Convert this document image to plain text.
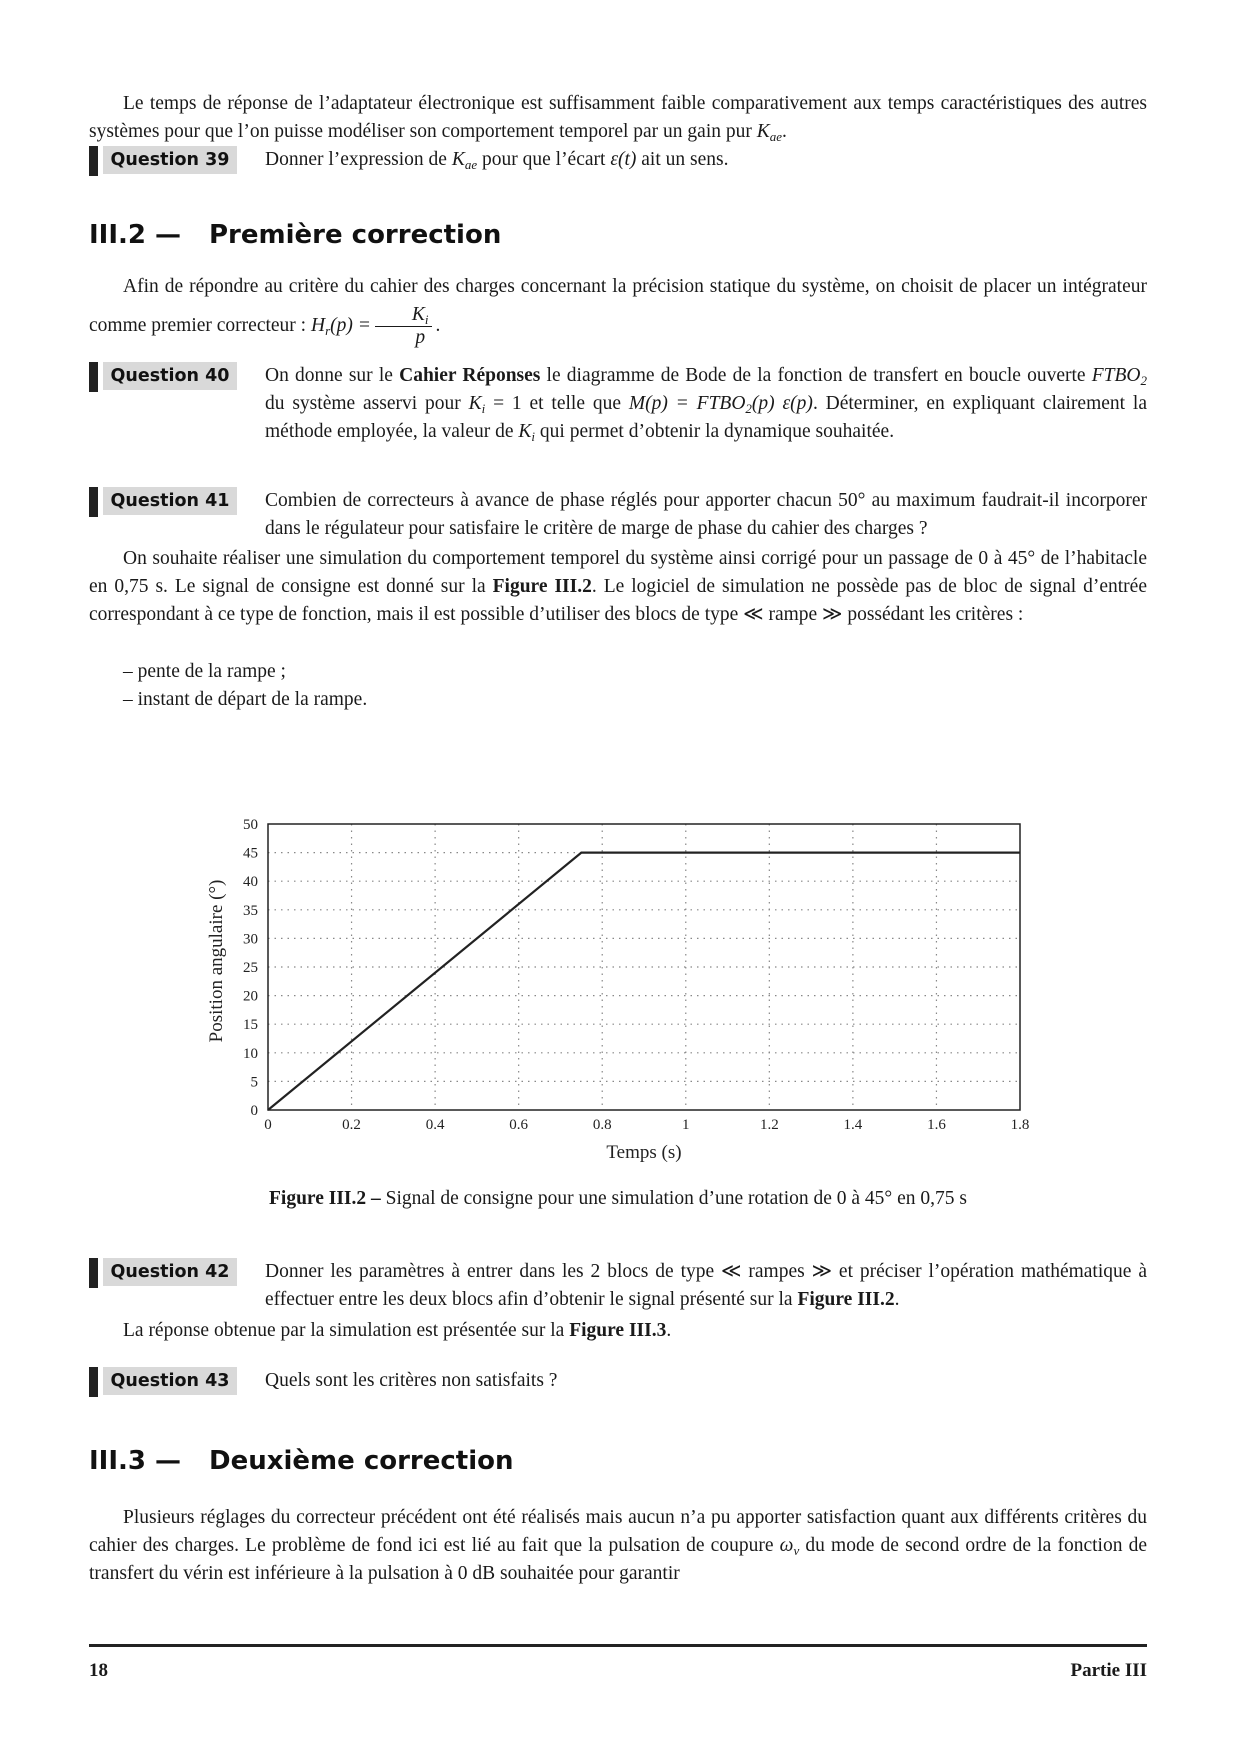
Le temps de réponse de l’adaptateur électronique est suffisamment faible comparativement aux temps caractéristiques des autres systèmes pour que l’on puisse modéliser son comportement temporel par un gain pur $K_{ae}$.
Question 39	Donner l’expression de $K_{ae}$ pour que l’écart ε(t) ait un sens.
III.2 — Première correction
Afin de répondre au critère du cahier des charges concernant la précision statique du système, on choisit de placer un intégrateur comme premier correcteur : $H_r(p) = \frac{K_i}{p}$ .
Question 40	On donne sur le Cahier Réponses le diagramme de Bode de la fonction de transfert en boucle ouverte $FTBO_2$ du système asservi pour $K_i = 1$ et telle que $M(p) = FTBO_2(p)$ ε(p). Déterminer, en expliquant clairement la méthode employée, la valeur de $K_i$ qui permet d’obtenir la dynamique souhaitée.
Question 41	Combien de correcteurs à avance de phase réglés pour apporter chacun 50° au maximum faudrait-il incorporer dans le régulateur pour satisfaire le critère de marge de phase du cahier des charges ?
On souhaite réaliser une simulation du comportement temporel du système ainsi corrigé pour un passage de 0 à 45° de l’habitacle en 0,75 s. Le signal de consigne est donné sur la Figure III.2. Le logiciel de simulation ne possède pas de bloc de signal d’entrée correspondant à ce type de fonction, mais il est possible d’utiliser des blocs de type ≪ rampe ≫ possédant les critères :
– pente de la rampe ;
– instant de départ de la rampe.
0	0.2	0.4	0.6	0.8	1	1.2	1.4	1.6	1.8
0
5
10
15
20
25
30
35
40
45
50
Temps (s)
Position angulaire (°)
Figure III.2 – Signal de consigne pour une simulation d’une rotation de 0 à 45° en 0,75 s
Question 42	Donner les paramètres à entrer dans les 2 blocs de type ≪ rampes ≫ et préciser l’opération mathématique à effectuer entre les deux blocs afin d’obtenir le signal présenté sur la Figure III.2.
La réponse obtenue par la simulation est présentée sur la Figure III.3.
Question 43	Quels sont les critères non satisfaits ?
III.3 — Deuxième correction
Plusieurs réglages du correcteur précédent ont été réalisés mais aucun n’a pu apporter satisfaction quant aux différents critères du cahier des charges. Le problème de fond ici est lié au fait que la pulsation de coupure $\omega_v$ du mode de second ordre de la fonction de transfert du vérin est inférieure à la pulsation à 0 dB souhaitée pour garantir
18	Partie III
